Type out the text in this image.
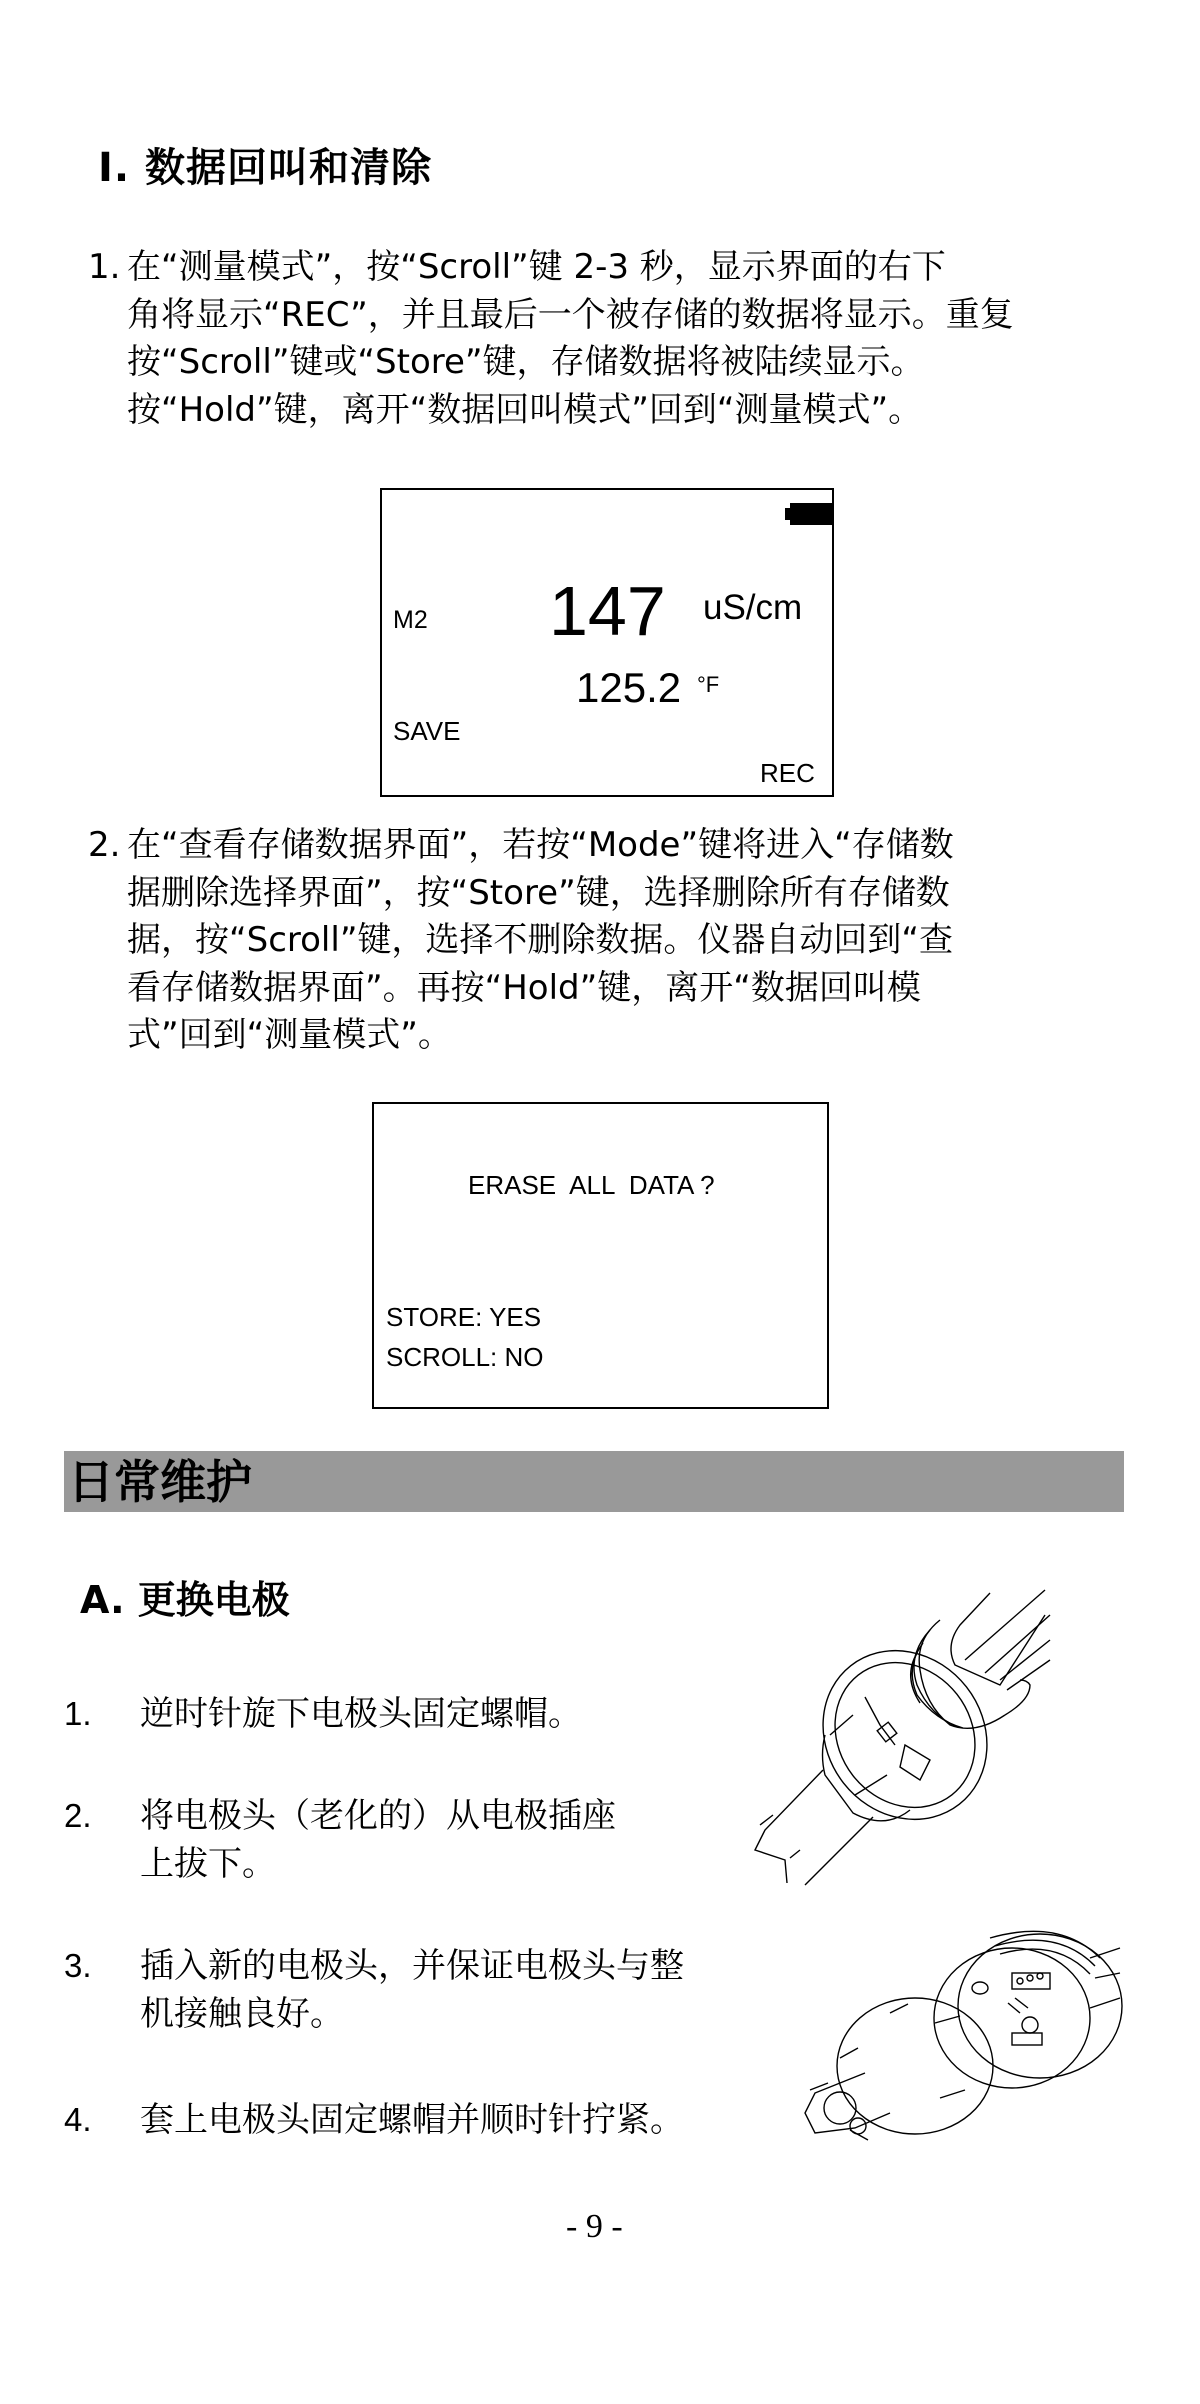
I. 数据回叫和清除
1. 在“测量模式”，按“Scroll”键 2-3 秒，显示界面的右下
角将显示“REC”，并且最后一个被存储的数据将显示。重复
按“Scroll”键或“Store”键，存储数据将被陆续显示。
按“Hold”键，离开“数据回叫模式”回到“测量模式”。
M2 147 uS/cm
125.2 °F
SAVE
REC
2. 在“查看存储数据界面”，若按“Mode”键将进入“存储数
据删除选择界面”，按“Store”键，选择删除所有存储数
据，按“Scroll”键，选择不删除数据。仪器自动回到“查
看存储数据界面”。再按“Hold”键，离开“数据回叫模
式”回到“测量模式”。
ERASE  ALL  DATA ?
STORE: YES
SCROLL: NO
日常维护
A. 更换电极
1. 逆时针旋下电极头固定螺帽。
2. 将电极头（老化的）从电极插座
上拔下。
3. 插入新的电极头，并保证电极头与整
机接触良好。
4. 套上电极头固定螺帽并顺时针拧紧。
- 9 -
